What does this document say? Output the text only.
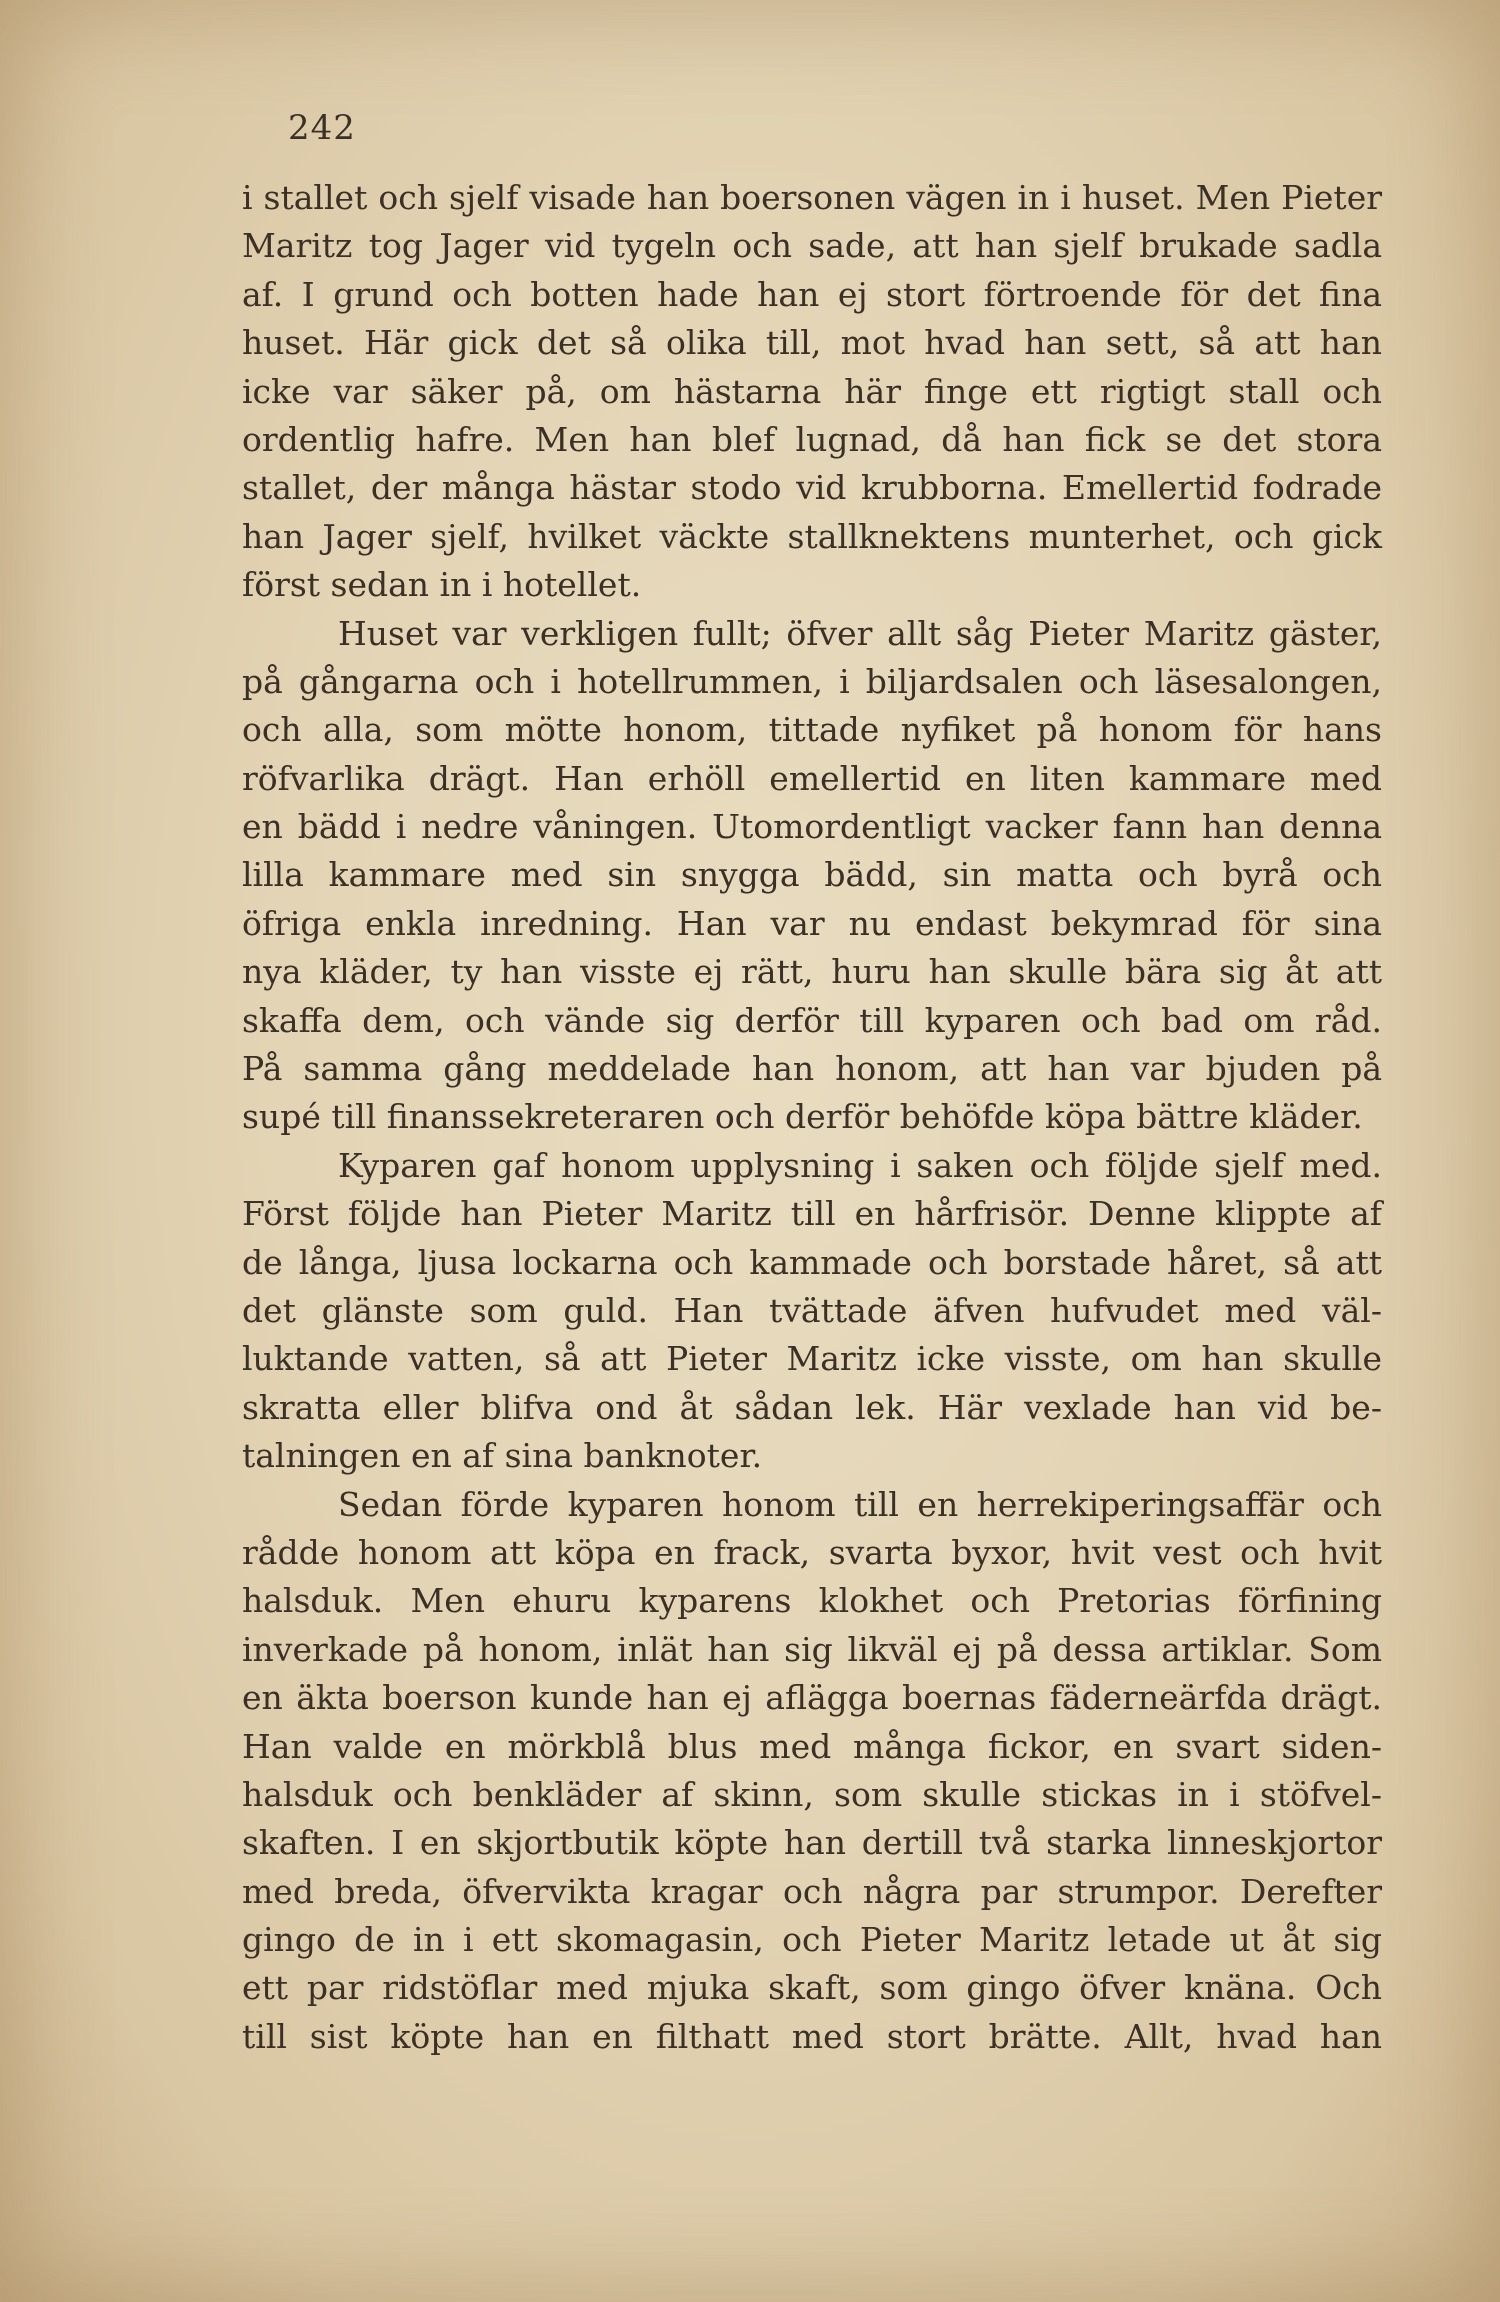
242
i stallet och sjelf visade han boersonen vägen in i huset. Men Pieter
Maritz tog Jager vid tygeln och sade, att han sjelf brukade sadla
af. I grund och botten hade han ej stort förtroende för det fina
huset. Här gick det så olika till, mot hvad han sett, så att han
icke var säker på, om hästarna här finge ett rigtigt stall och
ordentlig hafre. Men han blef lugnad, då han fick se det stora
stallet, der många hästar stodo vid krubborna. Emellertid fodrade
han Jager sjelf, hvilket väckte stallknektens munterhet, och gick
först sedan in i hotellet.
Huset var verkligen fullt; öfver allt såg Pieter Maritz gäster,
på gångarna och i hotellrummen, i biljardsalen och läsesalongen,
och alla, som mötte honom, tittade nyfiket på honom för hans
röfvarlika drägt. Han erhöll emellertid en liten kammare med
en bädd i nedre våningen. Utomordentligt vacker fann han denna
lilla kammare med sin snygga bädd, sin matta och byrå och
öfriga enkla inredning. Han var nu endast bekymrad för sina
nya kläder, ty han visste ej rätt, huru han skulle bära sig åt att
skaffa dem, och vände sig derför till kyparen och bad om råd.
På samma gång meddelade han honom, att han var bjuden på
supé till finanssekreteraren och derför behöfde köpa bättre kläder.
Kyparen gaf honom upplysning i saken och följde sjelf med.
Först följde han Pieter Maritz till en hårfrisör. Denne klippte af
de långa, ljusa lockarna och kammade och borstade håret, så att
det glänste som guld. Han tvättade äfven hufvudet med väl-
luktande vatten, så att Pieter Maritz icke visste, om han skulle
skratta eller blifva ond åt sådan lek. Här vexlade han vid be-
talningen en af sina banknoter.
Sedan förde kyparen honom till en herrekiperingsaffär och
rådde honom att köpa en frack, svarta byxor, hvit vest och hvit
halsduk. Men ehuru kyparens klokhet och Pretorias förfining
inverkade på honom, inlät han sig likväl ej på dessa artiklar. Som
en äkta boerson kunde han ej aflägga boernas fäderneärfda drägt.
Han valde en mörkblå blus med många fickor, en svart siden-
halsduk och benkläder af skinn, som skulle stickas in i stöfvel-
skaften. I en skjortbutik köpte han dertill två starka linneskjortor
med breda, öfvervikta kragar och några par strumpor. Derefter
gingo de in i ett skomagasin, och Pieter Maritz letade ut åt sig
ett par ridstöflar med mjuka skaft, som gingo öfver knäna. Och
till sist köpte han en filthatt med stort brätte. Allt, hvad han
